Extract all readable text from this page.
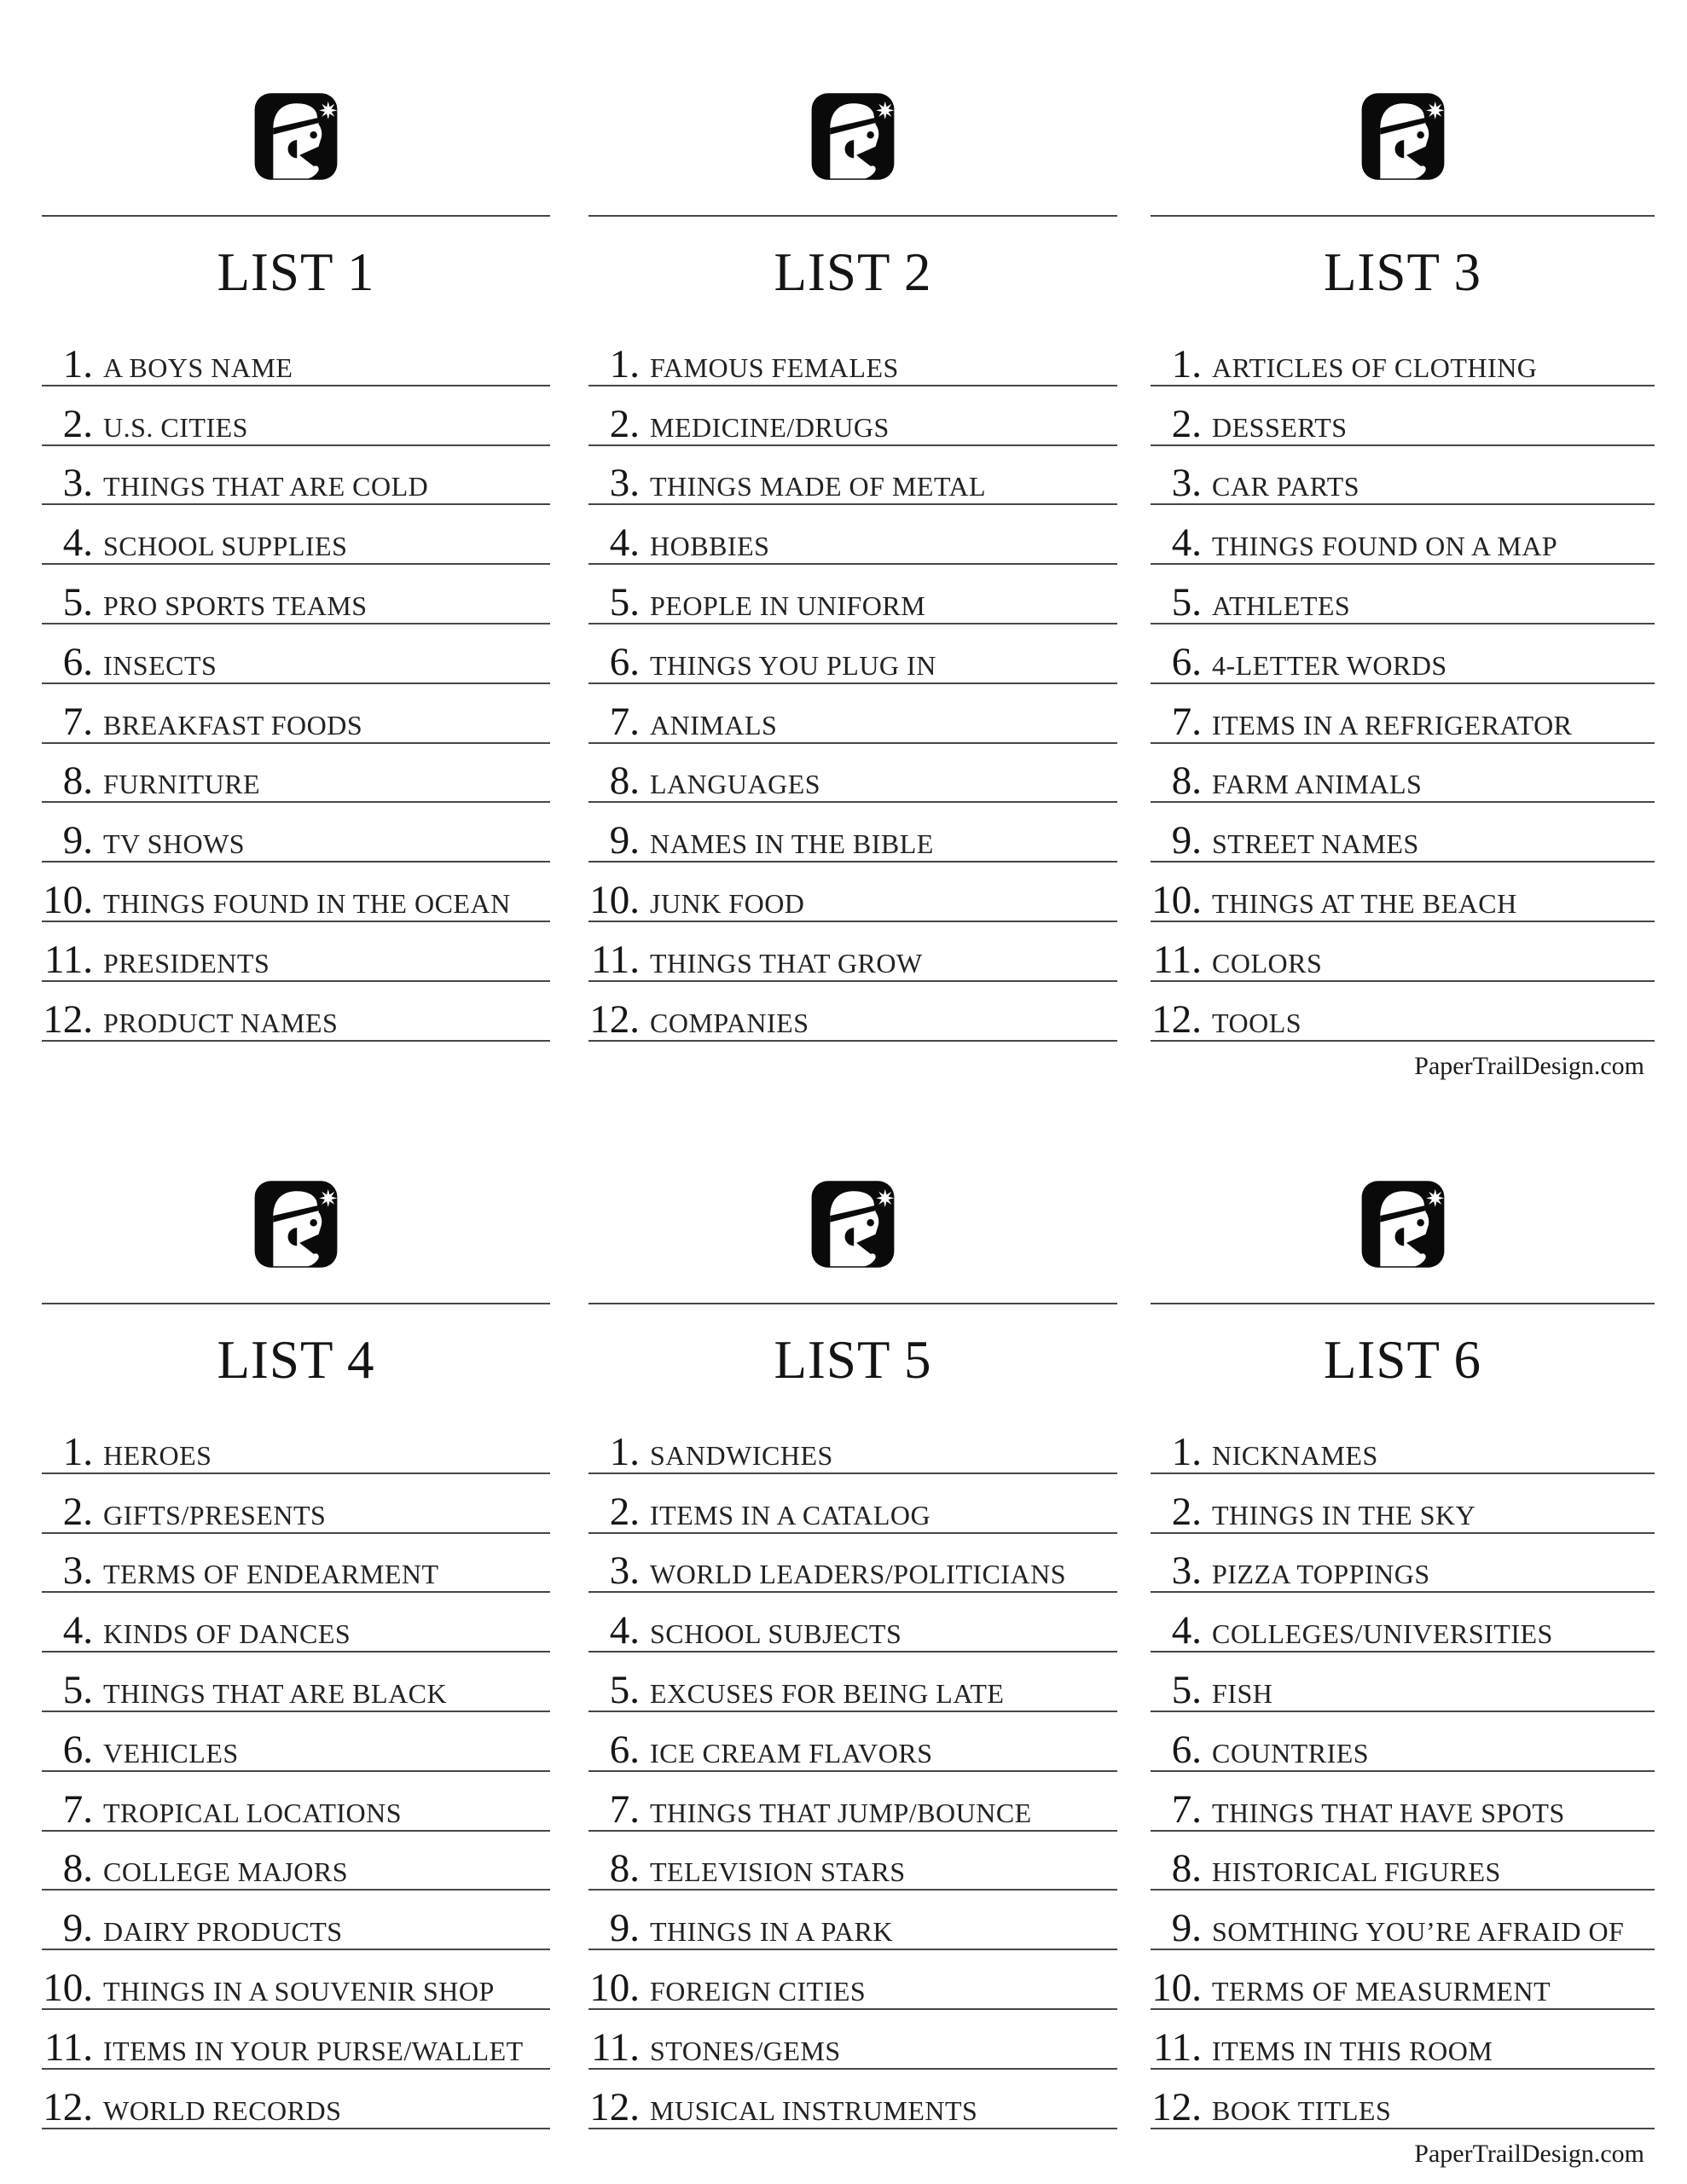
LIST 1
1. A BOYS NAME
2. U.S. CITIES
3. THINGS THAT ARE COLD
4. SCHOOL SUPPLIES
5. PRO SPORTS TEAMS
6. INSECTS
7. BREAKFAST FOODS
8. FURNITURE
9. TV SHOWS
10. THINGS FOUND IN THE OCEAN
11. PRESIDENTS
12. PRODUCT NAMES
LIST 2
1. FAMOUS FEMALES
2. MEDICINE/DRUGS
3. THINGS MADE OF METAL
4. HOBBIES
5. PEOPLE IN UNIFORM
6. THINGS YOU PLUG IN
7. ANIMALS
8. LANGUAGES
9. NAMES IN THE BIBLE
10. JUNK FOOD
11. THINGS THAT GROW
12. COMPANIES
LIST 3
1. ARTICLES OF CLOTHING
2. DESSERTS
3. CAR PARTS
4. THINGS FOUND ON A MAP
5. ATHLETES
6. 4-LETTER WORDS
7. ITEMS IN A REFRIGERATOR
8. FARM ANIMALS
9. STREET NAMES
10. THINGS AT THE BEACH
11. COLORS
12. TOOLS
PaperTrailDesign.com
LIST 4
1. HEROES
2. GIFTS/PRESENTS
3. TERMS OF ENDEARMENT
4. KINDS OF DANCES
5. THINGS THAT ARE BLACK
6. VEHICLES
7. TROPICAL LOCATIONS
8. COLLEGE MAJORS
9. DAIRY PRODUCTS
10. THINGS IN A SOUVENIR SHOP
11. ITEMS IN YOUR PURSE/WALLET
12. WORLD RECORDS
LIST 5
1. SANDWICHES
2. ITEMS IN A CATALOG
3. WORLD LEADERS/POLITICIANS
4. SCHOOL SUBJECTS
5. EXCUSES FOR BEING LATE
6. ICE CREAM FLAVORS
7. THINGS THAT JUMP/BOUNCE
8. TELEVISION STARS
9. THINGS IN A PARK
10. FOREIGN CITIES
11. STONES/GEMS
12. MUSICAL INSTRUMENTS
LIST 6
1. NICKNAMES
2. THINGS IN THE SKY
3. PIZZA TOPPINGS
4. COLLEGES/UNIVERSITIES
5. FISH
6. COUNTRIES
7. THINGS THAT HAVE SPOTS
8. HISTORICAL FIGURES
9. SOMTHING YOU’RE AFRAID OF
10. TERMS OF MEASURMENT
11. ITEMS IN THIS ROOM
12. BOOK TITLES
PaperTrailDesign.com
